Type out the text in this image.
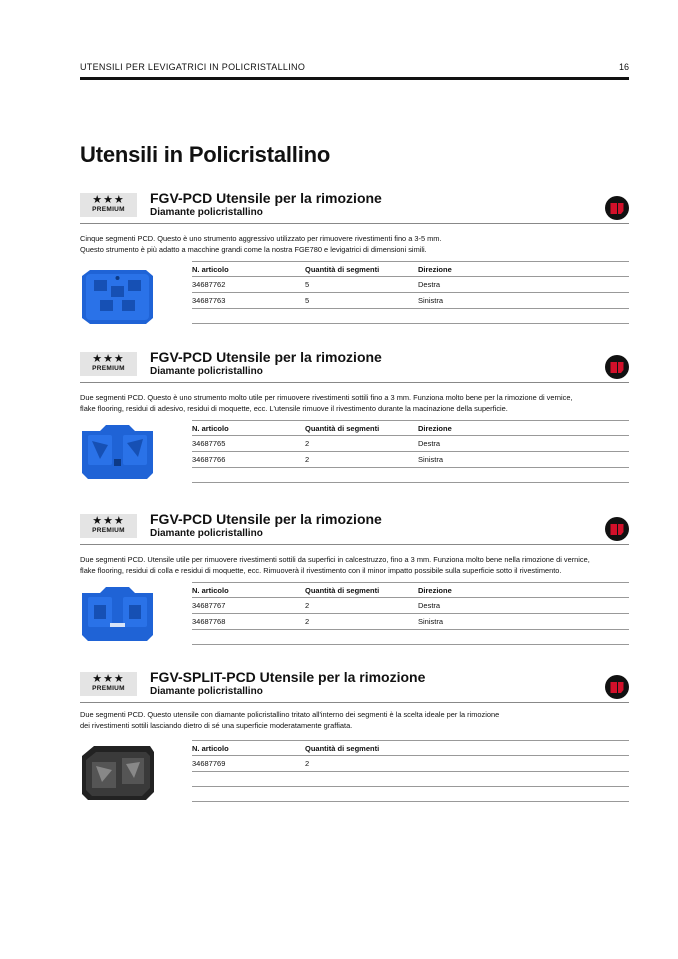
UTENSILI PER LEVIGATRICI IN POLICRISTALLINO	16
Utensili in Policristallino
★★★
PREMIUM
FGV-PCD Utensile per la rimozione
Diamante policristallino
Cinque segmenti PCD. Questo è uno strumento aggressivo utilizzato per rimuovere rivestimenti fino a 3-5 mm.
Questo strumento è più adatto a macchine grandi come la nostra FGE780 e levigatrici di dimensioni simili.
N. articolo	Quantità di segmenti	Direzione
34687762	5	Destra
34687763	5	Sinistra
★★★
PREMIUM
FGV-PCD Utensile per la rimozione
Diamante policristallino
Due segmenti PCD. Questo è uno strumento molto utile per rimuovere rivestimenti sottili fino a 3 mm. Funziona molto bene per la rimozione di vernice,
flake flooring, residui di adesivo, residui di moquette, ecc. L'utensile rimuove il rivestimento durante la macinazione della superficie.
N. articolo	Quantità di segmenti	Direzione
34687765	2	Destra
34687766	2	Sinistra
★★★
PREMIUM
FGV-PCD Utensile per la rimozione
Diamante policristallino
Due segmenti PCD. Utensile utile per rimuovere rivestimenti sottili da superfici in calcestruzzo, fino a 3 mm. Funziona molto bene nella rimozione di vernice,
flake flooring, residui di colla e residui di moquette, ecc. Rimuoverà il rivestimento con il minor impatto possibile sulla superficie sotto il rivestimento.
N. articolo	Quantità di segmenti	Direzione
34687767	2	Destra
34687768	2	Sinistra
★★★
PREMIUM
FGV-SPLIT-PCD Utensile per la rimozione
Diamante policristallino
Due segmenti PCD. Questo utensile con diamante policristallino tritato all'interno dei segmenti è la scelta ideale per la rimozione
dei rivestimenti sottili lasciando dietro di sé una superficie moderatamente graffiata.
N. articolo	Quantità di segmenti
34687769	2
